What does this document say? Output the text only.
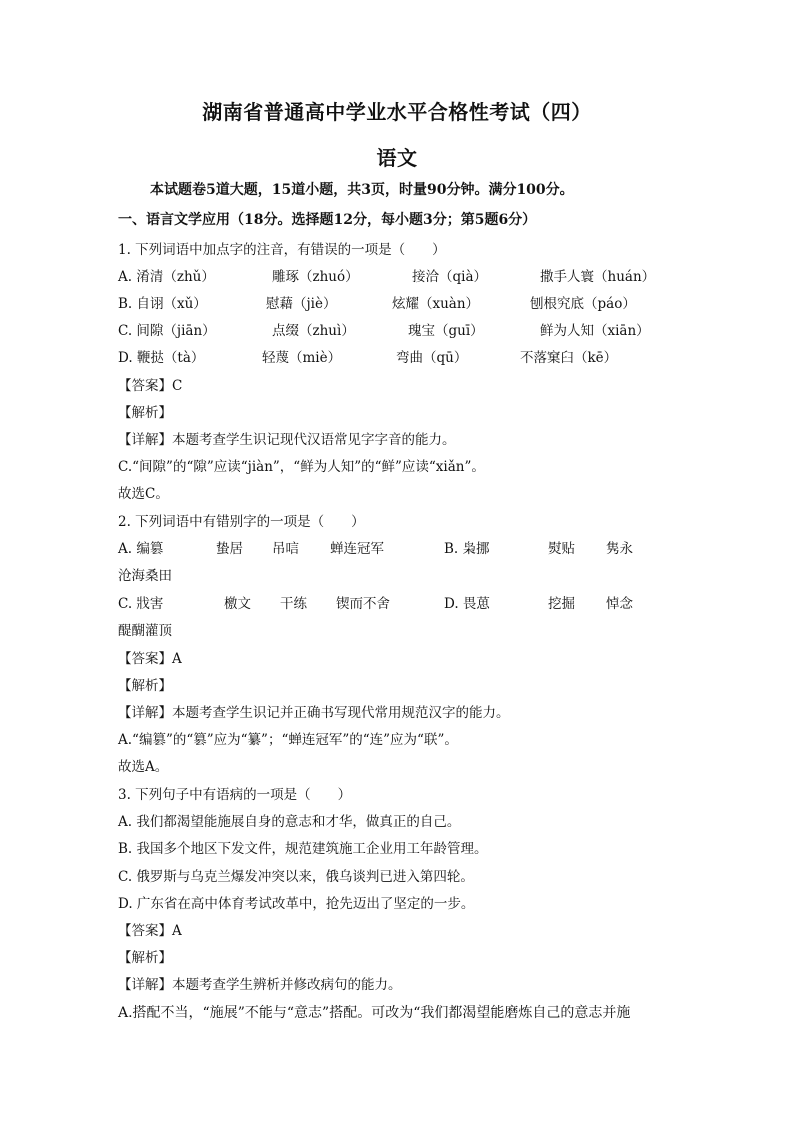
湖南省普通高中学业水平合格性考试（四）
语文
本试题卷5道大题，15道小题，共3页，时量90分钟。满分100分。
一、语言文学应用（18分。选择题12分，每小题3分；第5题6分）
1. 下列词语中加点字的注音，有错误的一项是（　　）
A. 淆清（zhǔ）	雕琢（zhuó）	接洽（qià）	撒手人寰（huán）
B. 自诩（xǔ）	慰藉（jiè）	炫耀（xuàn）	刨根究底（páo）
C. 间隙（jiān）	点缀（zhuì）	瑰宝（guī）	鲜为人知（xiān）
D. 鞭挞（tà）	轻蔑（miè）	弯曲（qū）	不落窠臼（kē）
【答案】C
【解析】
【详解】本题考查学生识记现代汉语常见字字音的能力。
C.“间隙”的“隙”应读“jiàn”，“鲜为人知”的“鲜”应读“xiǎn”。
故选C。
2. 下列词语中有错别字的一项是（　　）
A. 编篡	蛰居 吊唁 蝉连冠军	B. 枭挪	熨贴 隽永
沧海桑田
C. 戕害	檄文 干练 锲而不舍	D. 畏葸	挖掘 悼念
醍醐灌顶
【答案】A
【解析】
【详解】本题考查学生识记并正确书写现代常用规范汉字的能力。
A.“编篡”的“篡”应为“纂”；“蝉连冠军”的“连”应为“联”。
故选A。
3. 下列句子中有语病的一项是（　　）
A. 我们都渴望能施展自身的意志和才华，做真正的自己。
B. 我国多个地区下发文件，规范建筑施工企业用工年龄管理。
C. 俄罗斯与乌克兰爆发冲突以来，俄乌谈判已进入第四轮。
D. 广东省在高中体育考试改革中，抢先迈出了坚定的一步。
【答案】A
【解析】
【详解】本题考查学生辨析并修改病句的能力。
A.搭配不当，“施展”不能与“意志”搭配。可改为“我们都渴望能磨炼自己的意志并施
